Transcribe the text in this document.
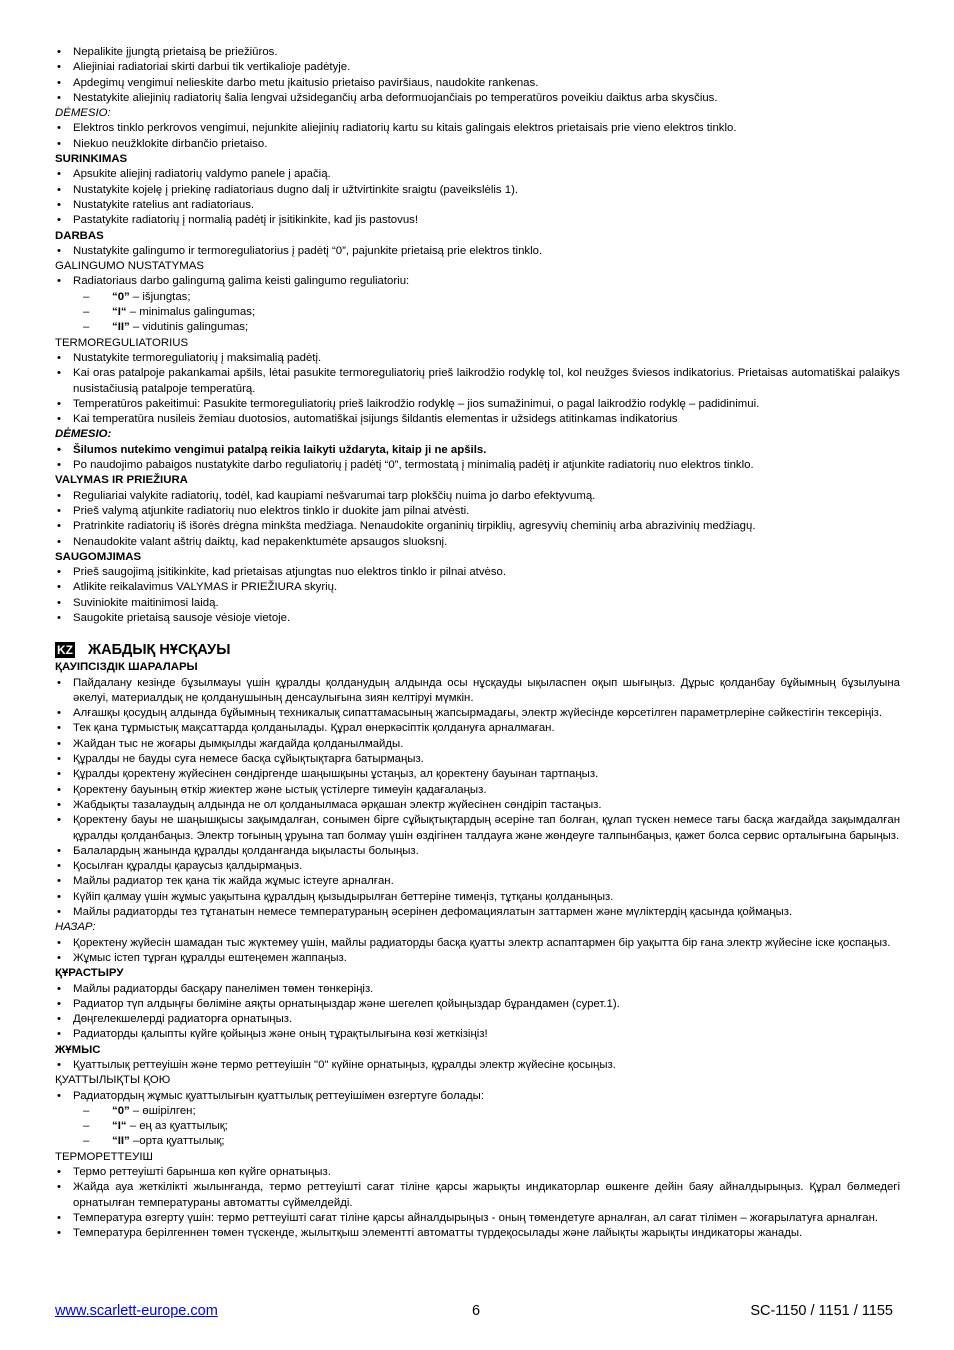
• Nepalikite įjungtą prietaisą be priežiūros.
• Aliejiniai radiatoriai skirti darbui tik vertikalioje padėtyje.
• Apdegimų vengimui nelieskite darbo metu įkaitusio prietaiso paviršiaus, naudokite rankenas.
• Nestatykite aliejinių radiatorių šalia lengvai užsidegančių arba deformuojančiais po temperatūros poveikiu daiktus arba skysčius.
DĖMESIO:
• Elektros tinklo perkrovos vengimui, nejunkite aliejinių radiatorių kartu su kitais galingais elektros prietaisais prie vieno elektros tinklo.
• Niekuo neužklokite dirbančio prietaiso.
SURINKIMAS
• Apsukite aliejinį radiatorių valdymo panele į apačią.
• Nustatykite kojelę į priekinę radiatoriaus dugno dalį ir užtvirtinkite sraigtu (paveikslėlis 1).
• Nustatykite ratelius ant radiatoriaus.
• Pastatykite radiatorių į normalią padėtį ir įsitikinkite, kad jis pastovus!
DARBAS
• Nustatykite galingumo ir termoreguliatorius į padėtį “0”, pajunkite prietaisą prie elektros tinklo.
GALINGUMO NUSTATYMAS
• Radiatoriaus darbo galingumą galima keisti galingumo reguliatoriu:
– “0” – išjungtas;
– “I“ – minimalus galingumas;
– “II” – vidutinis galingumas;
TERMOREGULIATORIUS
• Nustatykite termoreguliatorių į maksimalią padėtį.
• Kai oras patalpoje pakankamai apšils, lėtai pasukite termoreguliatorių prieš laikrodžio rodyklę tol, kol neužges šviesos indikatorius. Prietaisas automatiškai palaikys nusistačiusią patalpoje temperatūrą.
• Temperatūros pakeitimui: Pasukite termoreguliatorių prieš laikrodžio rodyklę – jios sumažinimui, o pagal laikrodžio rodyklę – padidinimui.
• Kai temperatūra nusileis žemiau duotosios, automatiškai įsijungs šildantis elementas ir užsidegs atitinkamas indikatorius
DĖMESIO:
• Šilumos nutekimo vengimui patalpą reikia laikyti uždaryta, kitaip ji ne apšils.
• Po naudojimo pabaigos nustatykite darbo reguliatorių į padėtį “0”, termostatą į minimalią padėtį ir atjunkite radiatorių nuo elektros tinklo.
VALYMAS IR PRIEŽIURA
• Reguliariai valykite radiatorių, todėl, kad kaupiami nešvarumai tarp plokščių nuima jo darbo efektyvumą.
• Prieš valymą atjunkite radiatorių nuo elektros tinklo ir duokite jam pilnai atvėsti.
• Pratrinkite radiatorių iš išorės drėgna minkšta medžiaga. Nenaudokite organinių tirpiklių, agresyvių cheminių arba abrazivinių medžiagų.
• Nenaudokite valant aštrių daiktų, kad nepakenktumėte apsaugos sluoksnį.
SAUGOMJIMAS
• Prieš saugojimą įsitikinkite, kad prietaisas atjungtas nuo elektros tinklo ir pilnai atvėso.
• Atlikite reikalavimus VALYMAS ir PRIEŽIURA skyrių.
• Suviniokite maitinimosi laidą.
• Saugokite prietaisą sausoje vėsioje vietoje.
KZ ЖАБДЫҚ НҰСҚАУЫ
ҚАУІПСІЗДІК ШАРАЛАРЫ
• Пайдалану кезінде бұзылмауы үшін құралды қолданудың алдында осы нұсқауды ықыласпен оқып шығыңыз. Дұрыс қолданбау бұйымның бұзылуына әкелуі, материалдық не қолданушының денсаулығына зиян келтіруі мүмкін.
• Алғашқы қосудың алдында бұйымның техникалық сипаттамасының жапсырмадағы, электр жүйесінде көрсетілген параметрлеріне сәйкестігін тексеріңіз.
• Тек қана тұрмыстық мақсаттарда қолданылады. Құрал өнеркәсіптік қолдануға арналмаған.
• Жайдан тыс не жоғары дымқылды жағдайда қолданылмайды.
• Құралды не бауды суға немесе басқа сұйықтықтарға батырмаңыз.
• Құралды қоректену жүйесінен сөндіргенде шаңышқыны ұстаңыз, ал қоректену бауынан тартпаңыз.
• Қоректену бауының өткір жиектер және ыстық үстілерге тимеуін қадағалаңыз.
• Жабдықты тазалаудың алдында не ол қолданылмаса әрқашан электр жүйесінен сөндіріп тастаңыз.
• Қоректену бауы не шаңышқысы зақымдалған, сонымен бірге сұйықтықтардың әсеріне тап болған, құлап түскен немесе тағы басқа жағдайда зақымдалған құралды қолданбаңыз. Электр тоғының ұруына тап болмау үшін өздігінен талдауға және жөндеуге талпынбаңыз, қажет болса сервис орталығына барыңыз.
• Балалардың жанында құралды қолданғанда ықыласты болыңыз.
• Қосылған құралды қараусыз қалдырмаңыз.
• Майлы радиатор тек қана тік жайда жұмыс істеуге арналған.
• Күйіп қалмау үшін жұмыс уақытына құралдың қызыдырылған беттеріне тимеңіз, тұтқаны қолданыңыз.
• Майлы радиаторды тез тұтанатын немесе температураның әсерінен дефомациялатын заттармен және мүліктердің қасында қоймаңыз.
НАЗАР:
• Қоректену жүйесін шамадан тыс жүктемеу үшін, майлы радиаторды басқа қуатты электр аспаптармен бір уақытта бір ғана электр жүйесіне іске қоспаңыз.
• Жұмыс істеп тұрған құралды ештеңемен жаппаңыз.
ҚҰРАСТЫРУ
• Майлы радиаторды басқару панелімен төмен төнкеріңіз.
• Радиатор түп алдыңғы бөліміне аяқты орнатыңыздар және шегелеп қойыңыздар бұрандамен (сурет.1).
• Дөңгелекшелерді радиаторға орнатыңыз.
• Радиаторды қалыпты күйге қойыңыз және оның тұрақтылығына көзі жеткізіңіз!
ЖҰМЫС
• Қуаттылық реттеуішін және термо реттеуішін "0" күйіне орнатыңыз, құралды электр жүйесіне қосыңыз.
ҚУАТТЫЛЫҚТЫ ҚОЮ
• Радиатордың жұмыс қуаттылығын қуаттылық реттеуішімен өзгертуге болады:
– “0” – өшірілген;
– “I“ – ең аз қуаттылық;
– “II” –орта қуаттылық;
ТЕРМОРЕТТЕУІШ
• Термо реттеуішті барынша көп күйге орнатыңыз.
• Жайда ауа жеткілікті жылынғанда, термо реттеуішті сағат тіліне қарсы жарықты индикаторлар өшкенге дейін баяу айналдырыңыз. Құрал бөлмедегі орнатылған температураны автоматты сүймелдейді.
• Температура өзгерту үшін: термо реттеуішті сағат тіліне қарсы айналдырыңыз - оның төмендетуге арналған, ал сағат тілімен – жоғарылатуға арналған.
• Температура берілгеннен төмен түскенде, жылытқыш элементті автоматты түрдеқосылады және лайықты жарықты индикаторы жанады.
www.scarlett-europe.com	6	SC-1150 / 1151 / 1155
